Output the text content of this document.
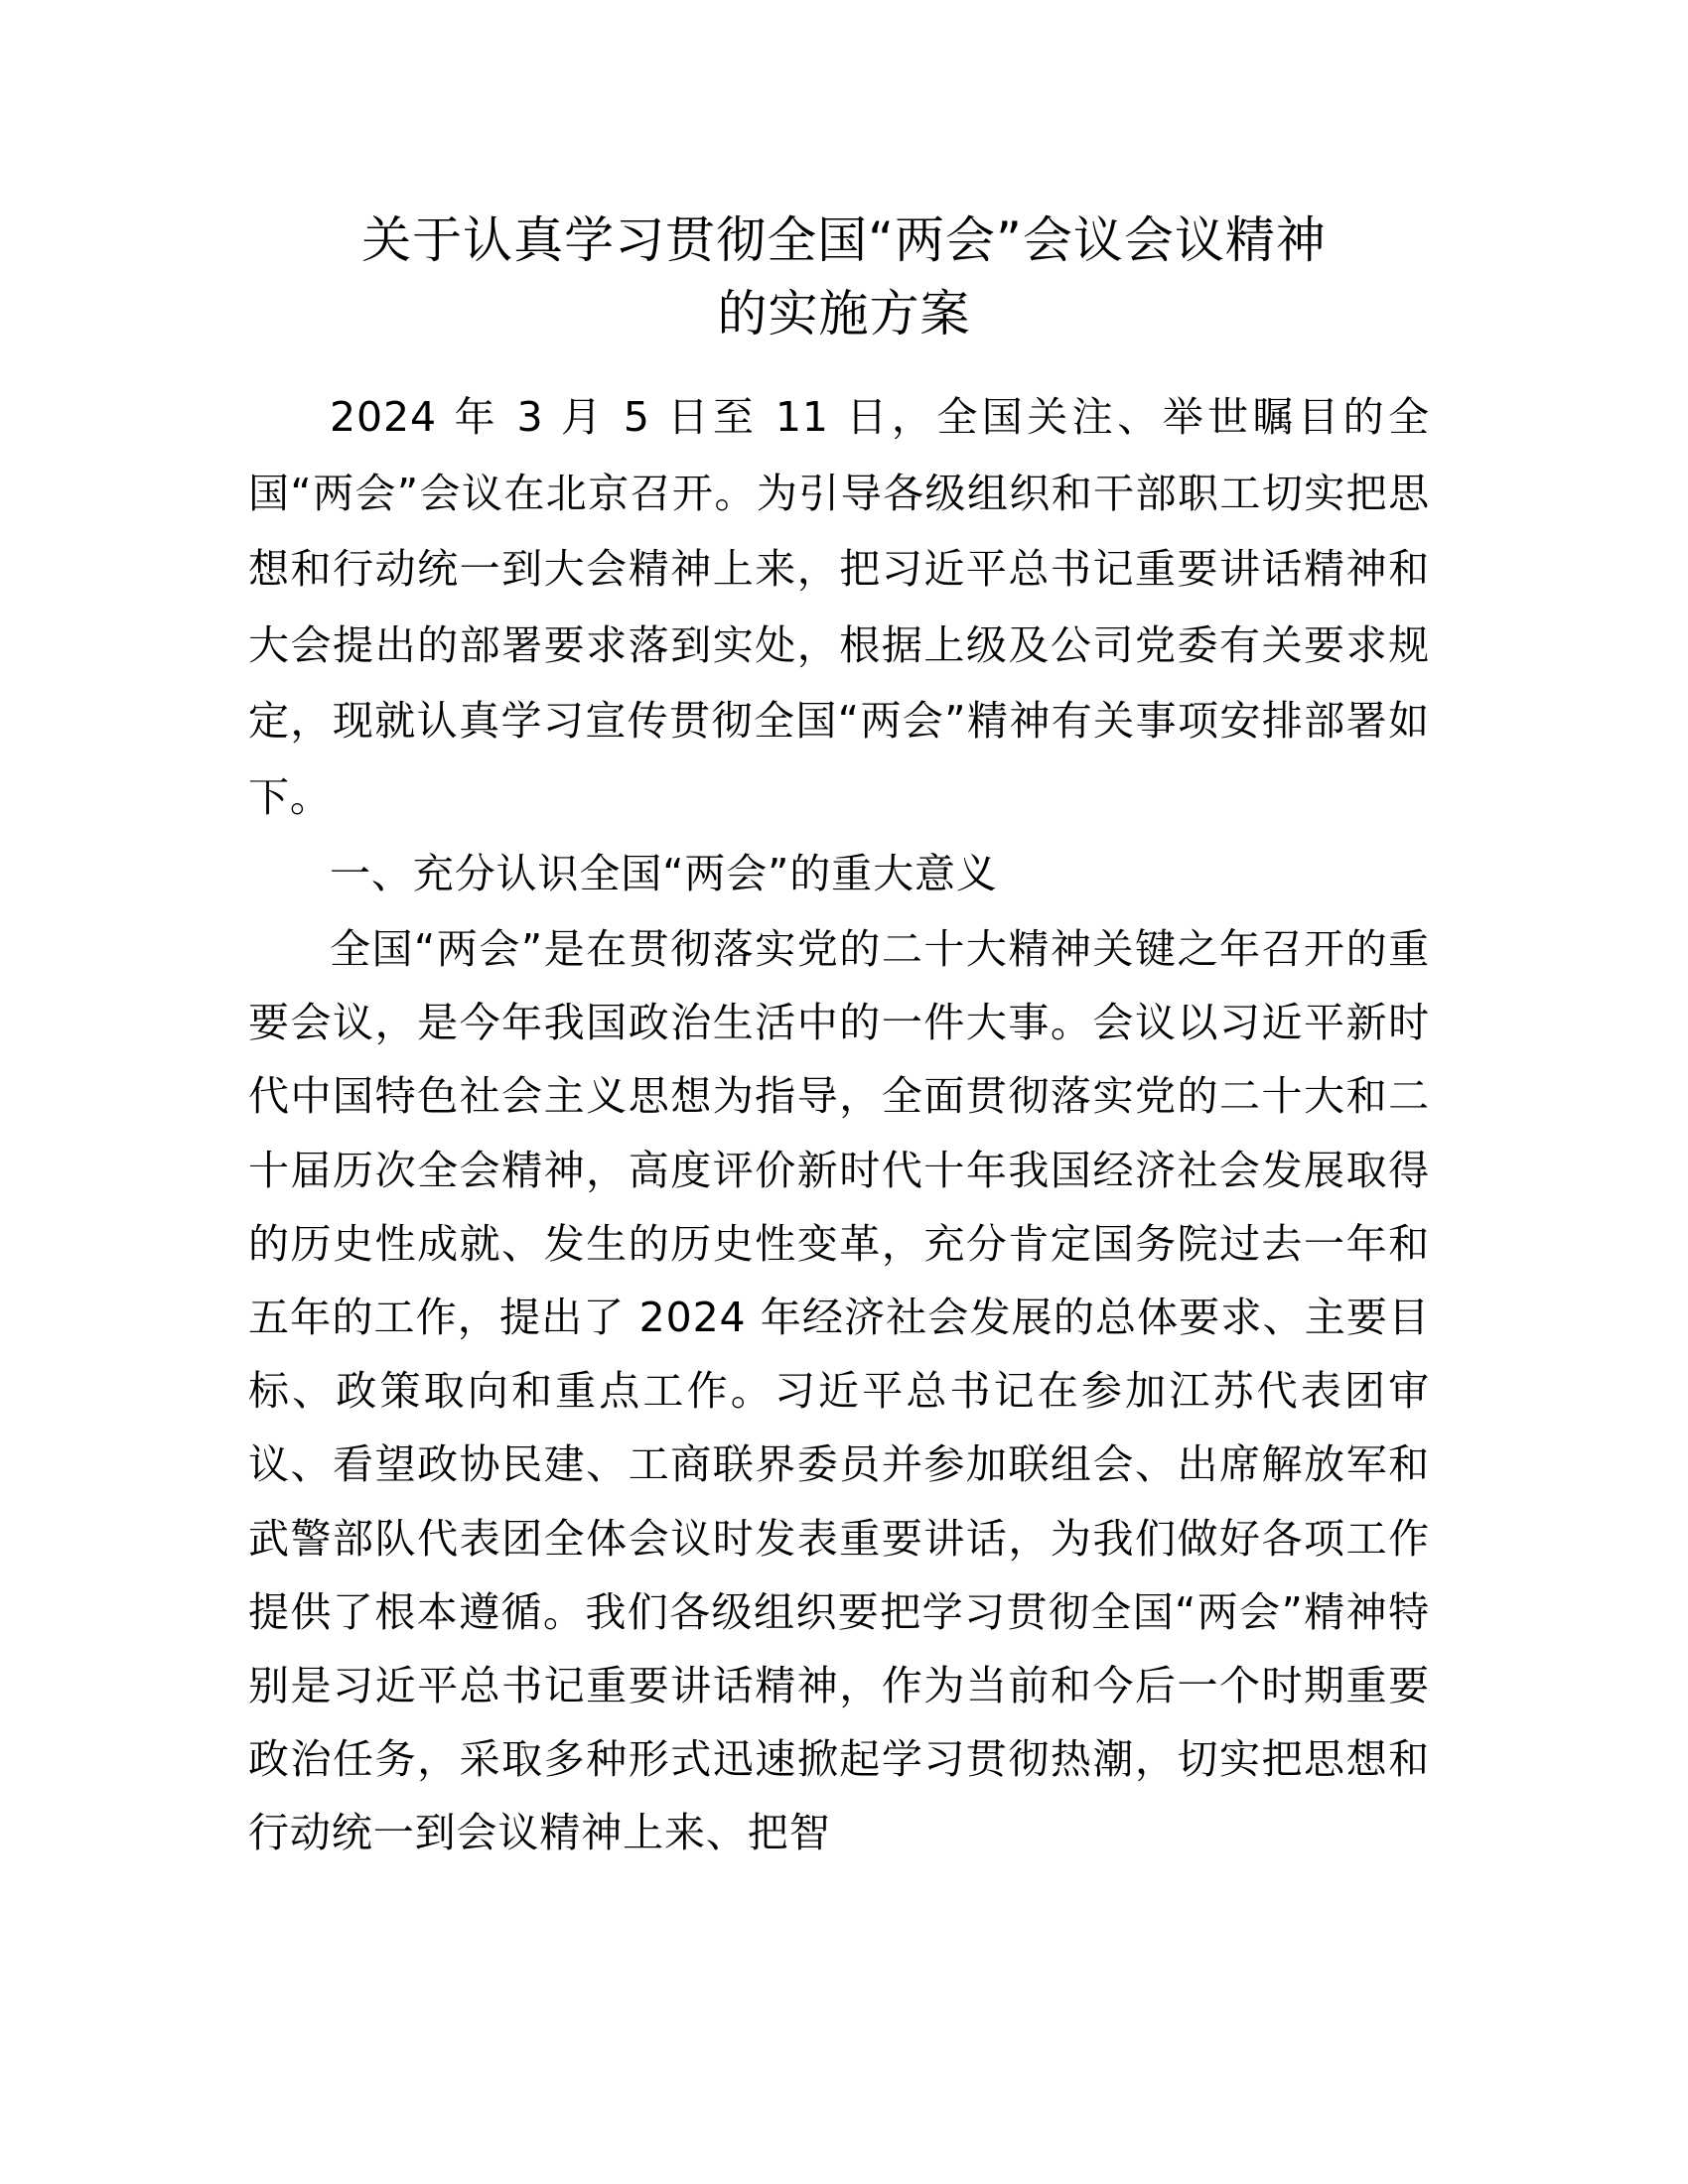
关于认真学习贯彻全国“两会”会议会议精神
的实施方案

2024 年 3 月 5 日至 11 日，全国关注、举世瞩目的全国“两会”会议在北京召开。为引导各级组织和干部职工切实把思想和行动统一到大会精神上来，把习近平总书记重要讲话精神和大会提出的部署要求落到实处，根据上级及公司党委有关要求规定，现就认真学习宣传贯彻全国“两会”精神有关事项安排部署如下。

一、充分认识全国“两会”的重大意义

全国“两会”是在贯彻落实党的二十大精神关键之年召开的重要会议，是今年我国政治生活中的一件大事。会议以习近平新时代中国特色社会主义思想为指导，全面贯彻落实党的二十大和二十届历次全会精神，高度评价新时代十年我国经济社会发展取得的历史性成就、发生的历史性变革，充分肯定国务院过去一年和五年的工作，提出了 2024 年经济社会发展的总体要求、主要目标、政策取向和重点工作。习近平总书记在参加江苏代表团审议、看望政协民建、工商联界委员并参加联组会、出席解放军和武警部队代表团全体会议时发表重要讲话，为我们做好各项工作提供了根本遵循。我们各级组织要把学习贯彻全国“两会”精神特别是习近平总书记重要讲话精神，作为当前和今后一个时期重要政治任务，采取多种形式迅速掀起学习贯彻热潮，切实把思想和行动统一到会议精神上来、把智
